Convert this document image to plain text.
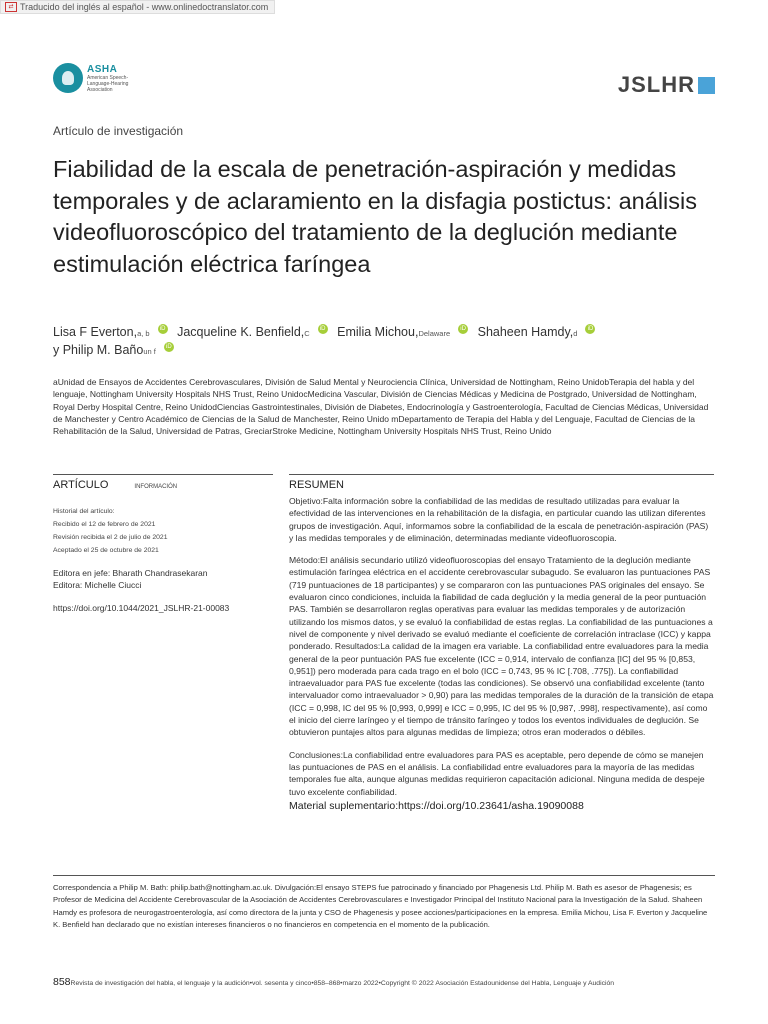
⇄ Traducido del inglés al español - www.onlinedoctranslator.com
ASHA
American Speech-Language-Hearing Association	JSLHR
Artículo de investigación
Fiabilidad de la escala de penetración-aspiración y medidas temporales y de aclaramiento en la disfagia postictus: análisis videofluoroscópico del tratamiento de la deglución mediante estimulación eléctrica faríngea
Lisa F Everton,a, b iD Jacqueline K. Benfield,C iD Emilia Michou,Delaware iD Shaheen Hamdy,d iD
y Philip M. Bañoun f iD
aUnidad de Ensayos de Accidentes Cerebrovasculares, División de Salud Mental y Neurociencia Clínica, Universidad de Nottingham, Reino UnidobTerapia del habla y del lenguaje, Nottingham University Hospitals NHS Trust, Reino UnidocMedicina Vascular, División de Ciencias Médicas y Medicina de Postgrado, Universidad de Nottingham, Royal Derby Hospital Centre, Reino UnidodCiencias Gastrointestinales, División de Diabetes, Endocrinología y Gastroenterología, Facultad de Ciencias Médicas, Universidad de Manchester y Centro Académico de Ciencias de la Salud de Manchester, Reino Unido mDepartamento de Terapia del Habla y del Lenguaje, Facultad de Ciencias de la Rehabilitación de la Salud, Universidad de Patras, GreciarStroke Medicine, Nottingham University Hospitals NHS Trust, Reino Unido
ARTÍCULO	INFORMACIÓN
Historial del artículo:
Recibido el 12 de febrero de 2021
Revisión recibida el 2 de julio de 2021
Aceptado el 25 de octubre de 2021
Editora en jefe: Bharath Chandrasekaran
Editora: Michelle Ciucci
https://doi.org/10.1044/2021_JSLHR-21-00083
RESUMEN

Objetivo:Falta información sobre la confiabilidad de las medidas de resultado utilizadas para evaluar la efectividad de las intervenciones en la rehabilitación de la disfagia, en particular cuando las utilizan diferentes grupos de investigación. Aquí, informamos sobre la confiabilidad de la escala de penetración-aspiración (PAS) y las medidas temporales y de eliminación, determinadas mediante videofluoroscopia.

Método:El análisis secundario utilizó videofluoroscopias del ensayo Tratamiento de la deglución mediante estimulación faríngea eléctrica en el accidente cerebrovascular subagudo. Se evaluaron las puntuaciones PAS (719 puntuaciones de 18 participantes) y se compararon con las puntuaciones PAS originales del ensayo. Se evaluaron cinco condiciones, incluida la fiabilidad de cada deglución y la media general de la peor puntuación PAS. También se desarrollaron reglas operativas para evaluar las medidas temporales y de autorización utilizando los mismos datos, y se evaluó la confiabilidad de estas reglas. La confiabilidad de las puntuaciones a nivel de componente y nivel derivado se evaluó mediante el coeficiente de correlación intraclase (ICC) y kappa ponderado. Resultados:La calidad de la imagen era variable. La confiabilidad entre evaluadores para la media general de la peor puntuación PAS fue excelente (ICC = 0,914, intervalo de confianza [IC] del 95 % [0,853, 0,951]) pero moderada para cada trago en el bolo (ICC = 0,743, 95 % IC [.708, .775]). La confiabilidad intraevaluador para PAS fue excelente (todas las condiciones). Se observó una confiabilidad excelente (tanto intervaluador como intraevaluador > 0,90) para las medidas temporales de la duración de la transición de etapa (ICC = 0,998, IC del 95 % [0,993, 0,999] e ICC = 0,995, IC del 95 % [0,987, .998], respectivamente), así como el inicio del cierre laríngeo y el tiempo de tránsito faríngeo y todos los eventos individuales de deglución. Se obtuvieron puntajes altos para algunas medidas de limpieza; otros eran moderados o débiles.

Conclusiones:La confiabilidad entre evaluadores para PAS es aceptable, pero depende de cómo se manejen las puntuaciones de PAS en el análisis. La confiabilidad entre evaluadores para la mayoría de las medidas temporales fue alta, aunque algunas medidas requirieron capacitación adicional. Ninguna medida de despeje tuvo excelente confiabilidad.

Material suplementario:https://doi.org/10.23641/asha.19090088
Correspondencia a Philip M. Bath: philip.bath@nottingham.ac.uk. Divulgación:El ensayo STEPS fue patrocinado y financiado por Phagenesis Ltd. Philip M. Bath es asesor de Phagenesis; es Profesor de Medicina del Accidente Cerebrovascular de la Asociación de Accidentes Cerebrovasculares e Investigador Principal del Instituto Nacional para la Investigación de la Salud. Shaheen Hamdy es profesora de neurogastroenterología, así como directora de la junta y CSO de Phagenesis y posee acciones/participaciones en la empresa. Emilia Michou, Lisa F. Everton y Jacqueline K. Benfield han declarado que no existían intereses financieros o no financieros en competencia en el momento de la publicación.
858Revista de investigación del habla, el lenguaje y la audición•vol. sesenta y cinco•858–868•marzo 2022•Copyright © 2022 Asociación Estadounidense del Habla, Lenguaje y Audición
